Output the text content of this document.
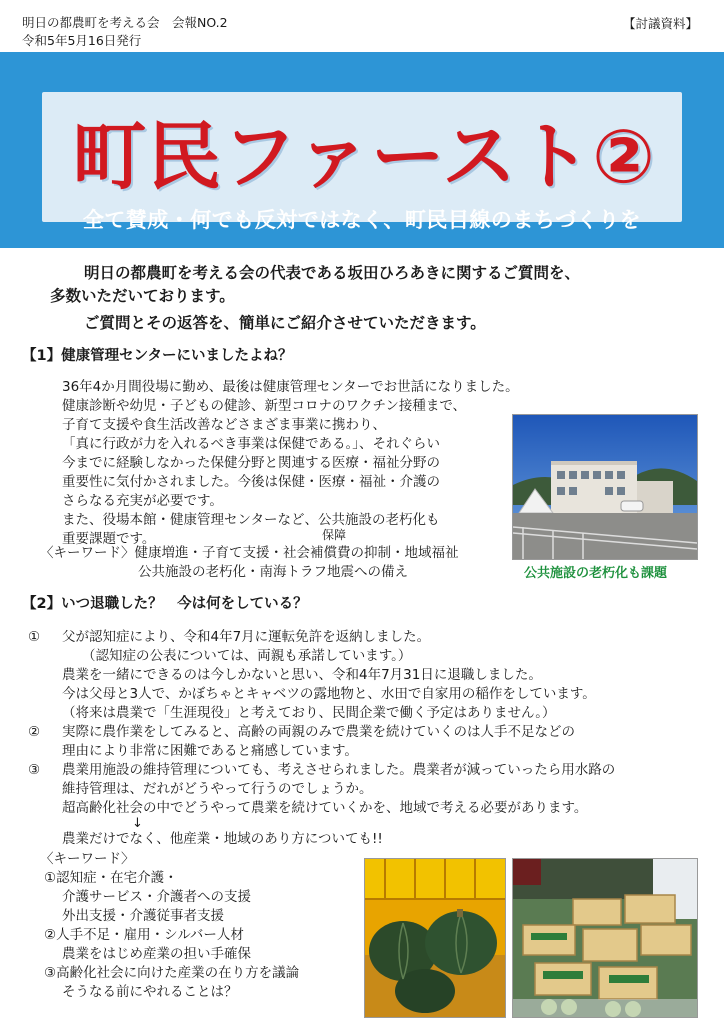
明日の都農町を考える会　会報NO.2
令和5年5月16日発行
【討議資料】
町民ファースト②
全て賛成・何でも反対ではなく、町民目線のまちづくりを

明日の都農町を考える会の代表である坂田ひろあきに関するご質問を、

多数いただいております。

ご質問とその返答を、簡単にご紹介させていただきます。

【1】健康管理センターにいましたよね？

36年4か月間役場に勤め、最後は健康管理センターでお世話になりました。

健康診断や幼児・子どもの健診、新型コロナのワクチン接種まで、

子育て支援や食生活改善などさまざま事業に携わり、

「真に行政が力を入れるべき事業は保健である。」、それぐらい

今までに経験しなかった保健分野と関連する医療・福祉分野の

重要性に気付かされました。今後は保健・医療・福祉・介護の

さらなる充実が必要です。

また、役場本館・健康管理センターなど、公共施設の老朽化も

重要課題です。	保障

〈キーワード〉健康増進・子育て支援・社会補償費の抑制・地域福祉

公共施設の老朽化・南海トラフ地震への備え	公共施設の老朽化も課題
【2】いつ退職した？　今は何をしている？

① 父が認知症により、令和4年7月に運転免許を返納しました。

（認知症の公表については、両親も承諾しています。）

農業を一緒にできるのは今しかないと思い、令和4年7月31日に退職しました。

今は父母と3人で、かぼちゃとキャベツの露地物と、水田で自家用の稲作をしています。

（将来は農業で「生涯現役」と考えており、民間企業で働く予定はありません。）

② 実際に農作業をしてみると、高齢の両親のみで農業を続けていくのは人手不足などの

理由により非常に困難であると痛感しています。

③ 農業用施設の維持管理についても、考えさせられました。農業者が減っていったら用水路の

維持管理は、だれがどうやって行うのでしょうか。

超高齢化社会の中でどうやって農業を続けていくかを、地域で考える必要があります。

↓
農業だけでなく、他産業・地域のあり方についても!!

〈キーワード〉

①認知症・在宅介護・

介護サービス・介護者への支援

外出支援・介護従事者支援

②人手不足・雇用・シルバー人材

農業をはじめ産業の担い手確保

③高齢化社会に向けた産業の在り方を議論

そうなる前にやれることは？
